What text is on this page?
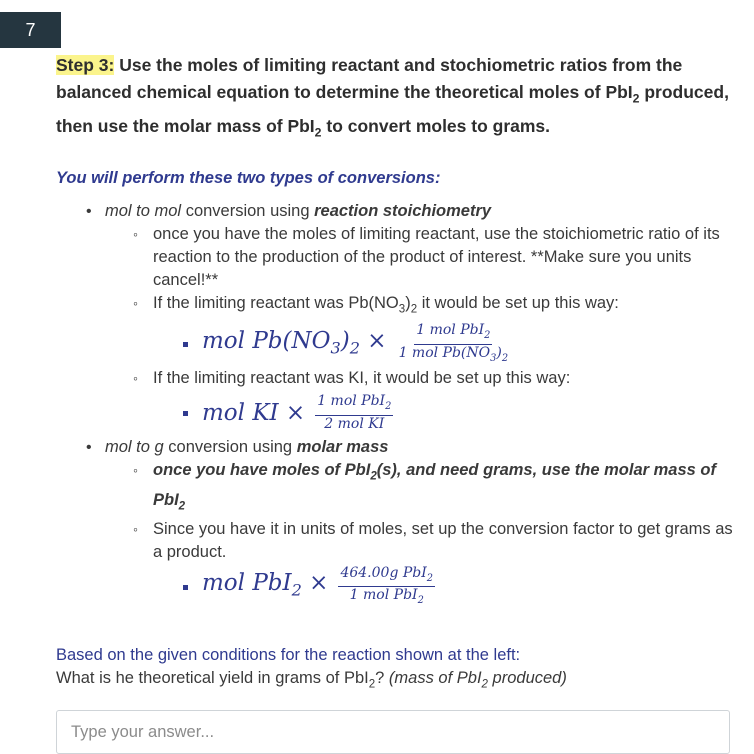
7
Step 3: Use the moles of limiting reactant and stochiometric ratios from the balanced chemical equation to determine the theoretical moles of PbI$_2$ produced, then use the molar mass of PbI$_2$ to convert moles to grams.
You will perform these two types of conversions:
• mol to mol conversion using reaction stoichiometry
◦ once you have the moles of limiting reactant, use the stoichiometric ratio of its reaction to the production of the product of interest. **Make sure you units cancel!**
◦ If the limiting reactant was $Pb(NO_3)_2$ it would be set up this way:
mol $Pb(NO_3)_2 \times \frac{1 mol PbI_2}{1 mol Pb(NO_3)_2}$
◦ If the limiting reactant was KI, it would be set up this way:
mol KI × $\frac{1 mol PbI_2}{\text{2 mol KI}}$
• mol to g conversion using molar mass
◦ once you have moles of PbI$_2$(s), and need grams, use the molar mass of PbI$_2$
◦ Since you have it in units of moles, set up the conversion factor to get grams as a product.
mol $PbI_2 \times \frac{464.00g PbI_2}{1 mol PbI_2}$
Based on the given conditions for the reaction shown at the left:
What is he theoretical yield in grams of PbI$_2$? (mass of PbI$_2$ produced)
Type your answer...
